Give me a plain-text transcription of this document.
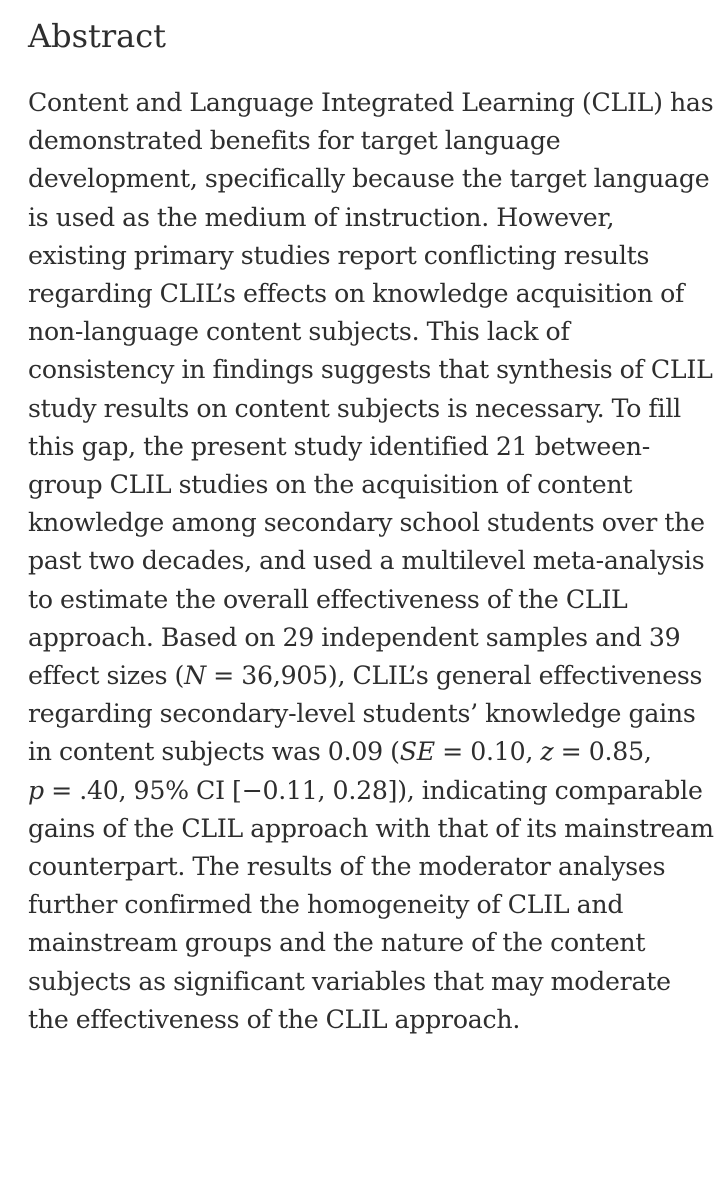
Abstract

Content and Language Integrated Learning (CLIL) has
demonstrated benefits for target language
development, specifically because the target language
is used as the medium of instruction. However,
existing primary studies report conflicting results
regarding CLIL’s effects on knowledge acquisition of
non-language content subjects. This lack of
consistency in findings suggests that synthesis of CLIL
study results on content subjects is necessary. To fill
this gap, the present study identified 21 between-
group CLIL studies on the acquisition of content
knowledge among secondary school students over the
past two decades, and used a multilevel meta-analysis
to estimate the overall effectiveness of the CLIL
approach. Based on 29 independent samples and 39
effect sizes (N = 36,905), CLIL’s general effectiveness
regarding secondary-level students’ knowledge gains
in content subjects was 0.09 (SE = 0.10, z = 0.85,
p = .40, 95% CI [−0.11, 0.28]), indicating comparable
gains of the CLIL approach with that of its mainstream
counterpart. The results of the moderator analyses
further confirmed the homogeneity of CLIL and
mainstream groups and the nature of the content
subjects as significant variables that may moderate
the effectiveness of the CLIL approach.
